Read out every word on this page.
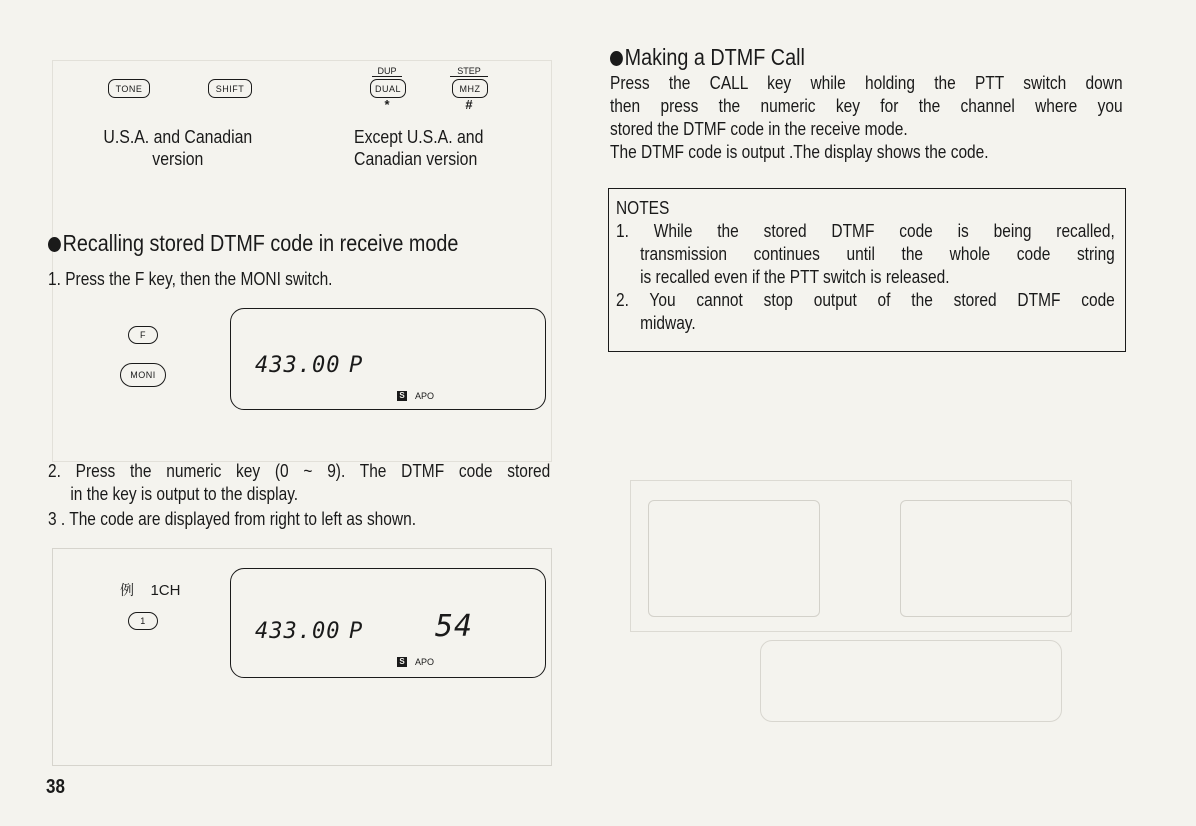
TONE	SHIFT
DUP
DUAL
*
STEP
MHZ
#
U.S.A. and Canadian
version
Except U.S.A. and
Canadian version
Recalling stored DTMF code in receive mode
1. Press the F key, then the MONI switch.
F
MONI	433.00 P
S APO
2. Press the numeric key (0 ~ 9). The DTMF code stored
in the key is output to the display.
3 . The code are displayed from right to left as shown.
例 1CH
1	433.00 P 54
S APO
38
Making a DTMF Call
Press the CALL key while holding the PTT switch down
then press the numeric key for the channel where you
stored the DTMF code in the receive mode.
The DTMF code is output .The display shows the code.
NOTES
1. While the stored DTMF code is being recalled,
transmission continues until the whole code string
is recalled even if the PTT switch is released.
2. You cannot stop output of the stored DTMF code
midway.
